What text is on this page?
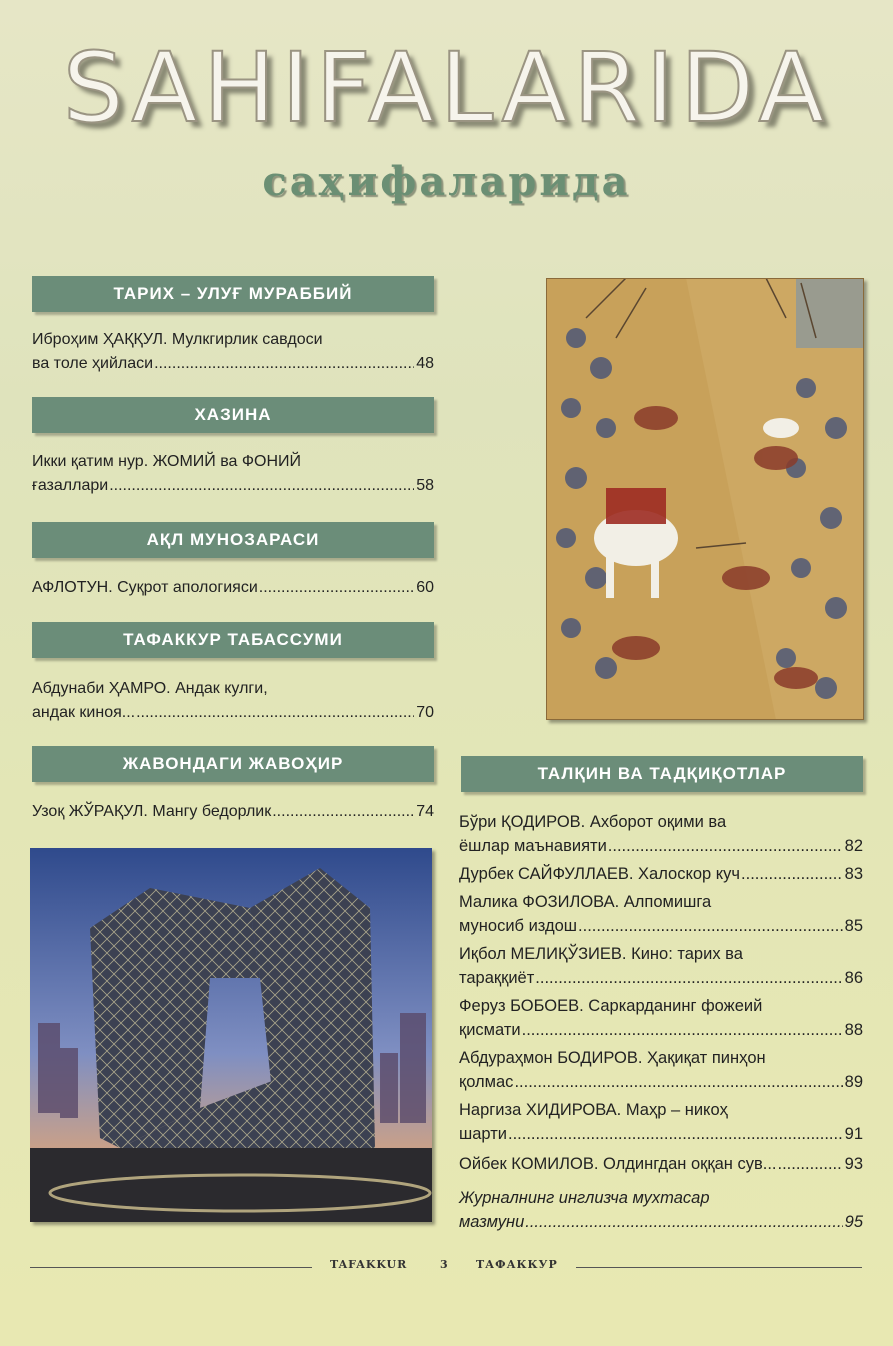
SAHIFALARIDA
саҳифаларида
ТАРИХ – УЛУҒ МУРАББИЙ
Иброҳим ҲАҚҚУЛ. Мулкгирлик савдоси
ва толе ҳийласи .....	48
ХАЗИНА
Икки қатим нур. ЖОМИЙ ва ФОНИЙ
ғазаллари .....	58
АҚЛ МУНОЗАРАСИ
АФЛОТУН. Суқрот апологияси .....	60
ТАФАККУР ТАБАССУМИ
Абдунаби ҲАМРО. Андак кулги,
андак киноя... .....	70
ЖАВОНДАГИ ЖАВОҲИР
Узоқ ЖЎРАҚУЛ. Мангу бедорлик .....	74
ТАЛҚИН ВА ТАДҚИҚОТЛАР
Бўри ҚОДИРОВ. Ахборот оқими ва
ёшлар маънавияти .....	82
Дурбек САЙФУЛЛАЕВ. Халоскор куч .....	83
Малика ФОЗИЛОВА. Алпомишга
муносиб издош .....	85
Иқбол МЕЛИҚЎЗИЕВ. Кино: тарих ва
тараққиёт .....	86
Феруз БОБОЕВ. Саркарданинг фожеий
қисмати .....	88
Абдураҳмон БОДИРОВ. Ҳақиқат пинҳон
қолмас .....	89
Наргиза ХИДИРОВА. Маҳр – никоҳ
шарти .....	91
Ойбек КОМИЛОВ. Олдингдан оққан сув... .....	93
Журналнинг инглизча мухтасар
мазмуни .....	95
TAFAKKUR	3 ТАФАККУР
